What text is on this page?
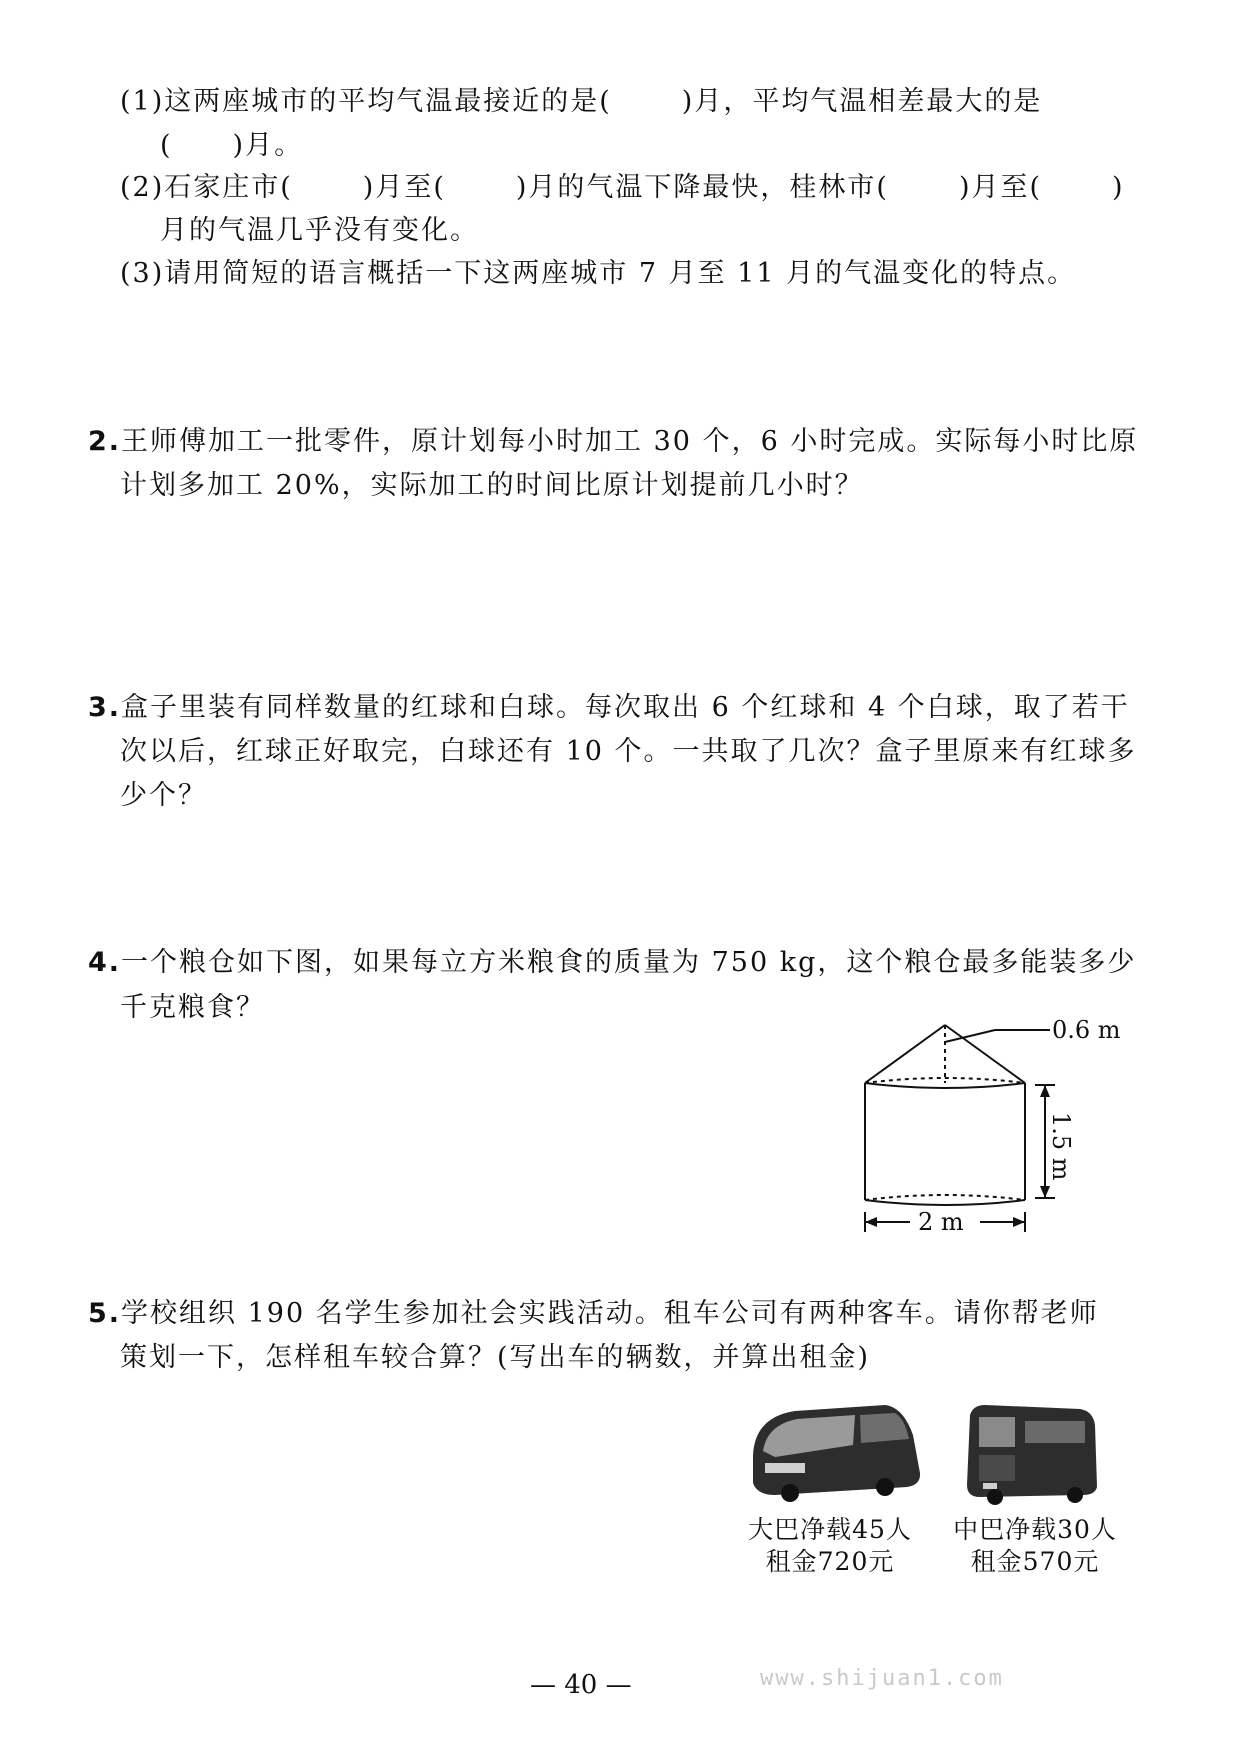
(1)这两座城市的平均气温最接近的是(	)月，平均气温相差最大的是
( )月。
(2)石家庄市(	)月至(	)月的气温下降最快，桂林市(	)月至(	)
月的气温几乎没有变化。
(3)请用简短的语言概括一下这两座城市 7 月至 11 月的气温变化的特点。
2.王师傅加工一批零件，原计划每小时加工 30 个，6 小时完成。实际每小时比原
计划多加工 20%，实际加工的时间比原计划提前几小时？
3.盒子里装有同样数量的红球和白球。每次取出 6 个红球和 4 个白球，取了若干
次以后，红球正好取完，白球还有 10 个。一共取了几次？盒子里原来有红球多
少个？
4.一个粮仓如下图，如果每立方米粮食的质量为 750 kg，这个粮仓最多能装多少
千克粮食？
0.6 m
1.5 m
2 m
5.学校组织 190 名学生参加社会实践活动。租车公司有两种客车。请你帮老师
策划一下，怎样租车较合算？(写出车的辆数，并算出租金)
大巴净载45人
租金720元
中巴净载30人
租金570元
— 40 —	www.shijuan1.com
